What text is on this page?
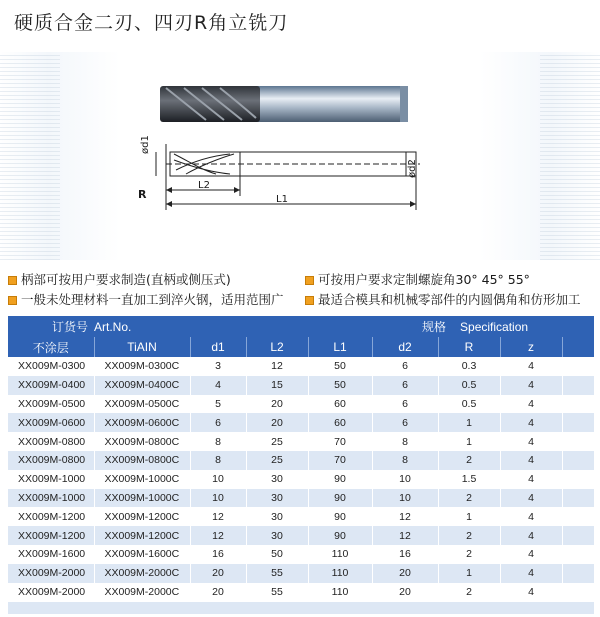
硬质合金二刃、四刃R角立铣刀
ød1
ød2
R
L2
L1
柄部可按用户要求制造(直柄或侧压式)	可按用户要求定制螺旋角30° 45° 55°
一般未处理材料一直加工到淬火钢，适用范围广	最适合模具和机械零部件的内圆偶角和仿形加工
订货号 Art.No.		规格 Specification						
不涂层	TiAIN	d1	L2	L1	d2	R	z	
XX009M-0300	XX009M-0300C	3	12	50	6	0.3	4	
XX009M-0400	XX009M-0400C	4	15	50	6	0.5	4	
XX009M-0500	XX009M-0500C	5	20	60	6	0.5	4	
XX009M-0600	XX009M-0600C	6	20	60	6	1	4	
XX009M-0800	XX009M-0800C	8	25	70	8	1	4	
XX009M-0800	XX009M-0800C	8	25	70	8	2	4	
XX009M-1000	XX009M-1000C	10	30	90	10	1.5	4	
XX009M-1000	XX009M-1000C	10	30	90	10	2	4	
XX009M-1200	XX009M-1200C	12	30	90	12	1	4	
XX009M-1200	XX009M-1200C	12	30	90	12	2	4	
XX009M-1600	XX009M-1600C	16	50	110	16	2	4	
XX009M-2000	XX009M-2000C	20	55	110	20	1	4	
XX009M-2000	XX009M-2000C	20	55	110	20	2	4	
